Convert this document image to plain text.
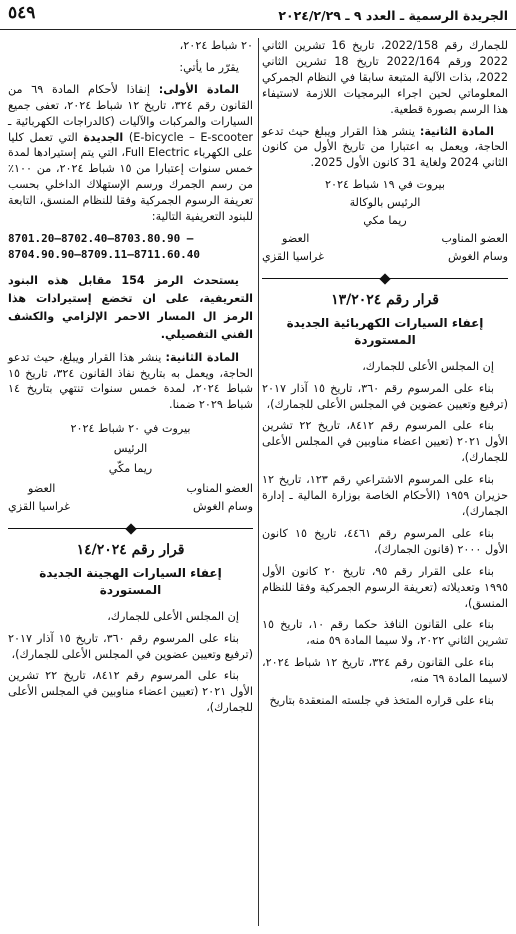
الجريدة الرسمية ـ العدد ٩ ـ ٢٠٢٤/٢/٢٩
٥٤٩

للجمارك رقم 2022/158، تاريخ 16 تشرين الثاني 2022 ورقم 2022/164 تاريخ 18 تشرين الثاني 2022، بذات الآلية المتبعة سابقا في النظام الجمركي المعلوماتي لحين اجراء البرمجيات اللازمة لاستيفاء هذا الرسم بصورة قطعية.

المادة الثانية: ينشر هذا القرار ويبلغ حيث تدعو الحاجة، ويعمل به اعتبارا من تاريخ الأول من كانون الثاني 2024 ولغاية 31 كانون الأول 2025.

بيروت في ١٩ شباط ٢٠٢٤

الرئيس بالوكالة

ريما مكي

العضو المناوب
العضو
وسام الغوش
غراسيا القزي
قرار رقم ١٣/٢٠٢٤
إعفاء السيارات الكهربائية الجديدة المستوردة

إن المجلس الأعلى للجمارك،

بناء على المرسوم رقم ٣٦٠، تاريخ ١٥ آذار ٢٠١٧ (ترفيع وتعيين عضوين في المجلس الأعلى للجمارك)،

بناء على المرسوم رقم ٨٤١٢، تاريخ ٢٢ تشرين الأول ٢٠٢١ (تعيين اعضاء مناوبين في المجلس الأعلى للجمارك)،

بناء على المرسوم الاشتراعي رقم ١٢٣، تاريخ ١٢ حزيران ١٩٥٩ (الأحكام الخاصة بوزارة المالية ـ إدارة الجمارك)،

بناء على المرسوم رقم ٤٤٦١، تاريخ ١٥ كانون الأول ٢٠٠٠ (قانون الجمارك)،

بناء على القرار رقم ٩٥، تاريخ ٢٠ كانون الأول ١٩٩٥ وتعديلاته (تعريفة الرسوم الجمركية وفقا للنظام المنسق)،

بناء على القانون النافذ حكما رقم ١٠، تاريخ ١٥ تشرين الثاني ٢٠٢٢، ولا سيما المادة ٥٩ منه،

بناء على القانون رقم ٣٢٤، تاريخ ١٢ شباط ٢٠٢٤، لاسيما المادة ٦٩ منه،

بناء على قراره المتخذ في جلسته المنعقدة بتاريخ

٢٠ شباط ٢٠٢٤،

يقرّر ما يأتي:

المادة الأولى: إنفاذا لأحكام المادة ٦٩ من القانون رقم ٣٢٤، تاريخ ١٢ شباط ٢٠٢٤، تعفى جميع السيارات والمركبات والآليات (كالدراجات الكهربائية ـ E-bicycle – E-scooter) الجديدة التي تعمل كليا على الكهرباء Full Electric، التي يتم إستيرادها لمدة خمس سنوات إعتبارا من ١٥ شباط ٢٠٢٤، من ١٠٠٪ من رسم الجمرك ورسم الإستهلاك الداخلي بحسب تعريفة الرسوم الجمركية وفقا للنظام المنسق، التابعة للبنود التعريفية التالية:

8701.20–8702.40–8703.80.90 –
8704.90.90–8709.11–8711.60.40

يستحدث الرمز 154 مقابل هذه البنود التعريفية، على ان تخضع إستيرادات هذا الرمز ال المسار الاحمر الإلزامي والكشف الفني التفصيلي.

المادة الثانية: ينشر هذا القرار ويبلغ، حيث تدعو الحاجة، ويعمل به بتاريخ نفاذ القانون ٣٢٤، تاريخ ١٥ شباط ٢٠٢٤، لمدة خمس سنوات تنتهي بتاريخ ١٤ شباط ٢٠٢٩ ضمنا.

بيروت في ٢٠ شباط ٢٠٢٤

الرئيس

ريما مكّي

العضو المناوب
العضو
وسام الغوش
غراسيا القزي
قرار رقم ١٤/٢٠٢٤
إعفاء السيارات الهجينة الجديدة المستوردة

إن المجلس الأعلى للجمارك،

بناء على المرسوم رقم ٣٦٠، تاريخ ١٥ آذار ٢٠١٧ (ترفيع وتعيين عضوين في المجلس الأعلى للجمارك)،

بناء على المرسوم رقم ٨٤١٢، تاريخ ٢٢ تشرين الأول ٢٠٢١ (تعيين اعضاء مناوبين في المجلس الأعلى للجمارك)،
